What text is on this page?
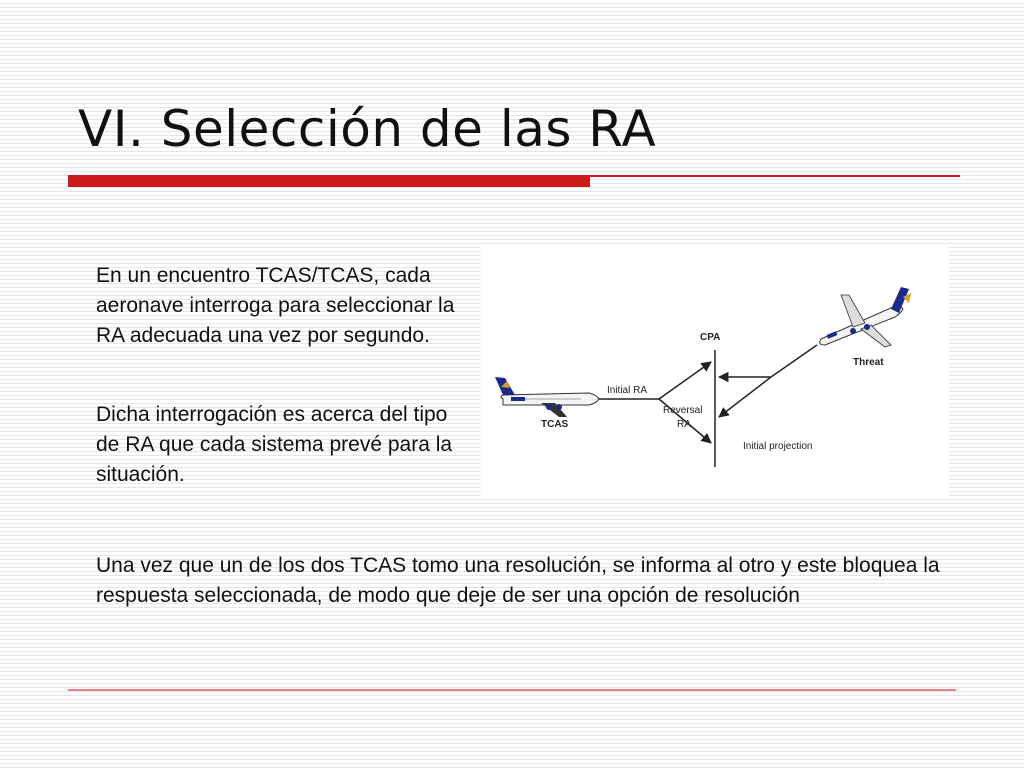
VI. Selección de las RA

En un encuentro TCAS/TCAS, cada aeronave interroga para seleccionar la RA adecuada una vez por segundo.

Dicha interrogación es acerca del tipo de RA que cada sistema prevé para la situación.

CPA
TCAS
Initial RA
Reversal
RA
Threat
Initial projection

Una vez que un de los dos TCAS tomo una resolución, se informa al otro y este bloquea la respuesta seleccionada, de modo que deje de ser una opción de resolución
